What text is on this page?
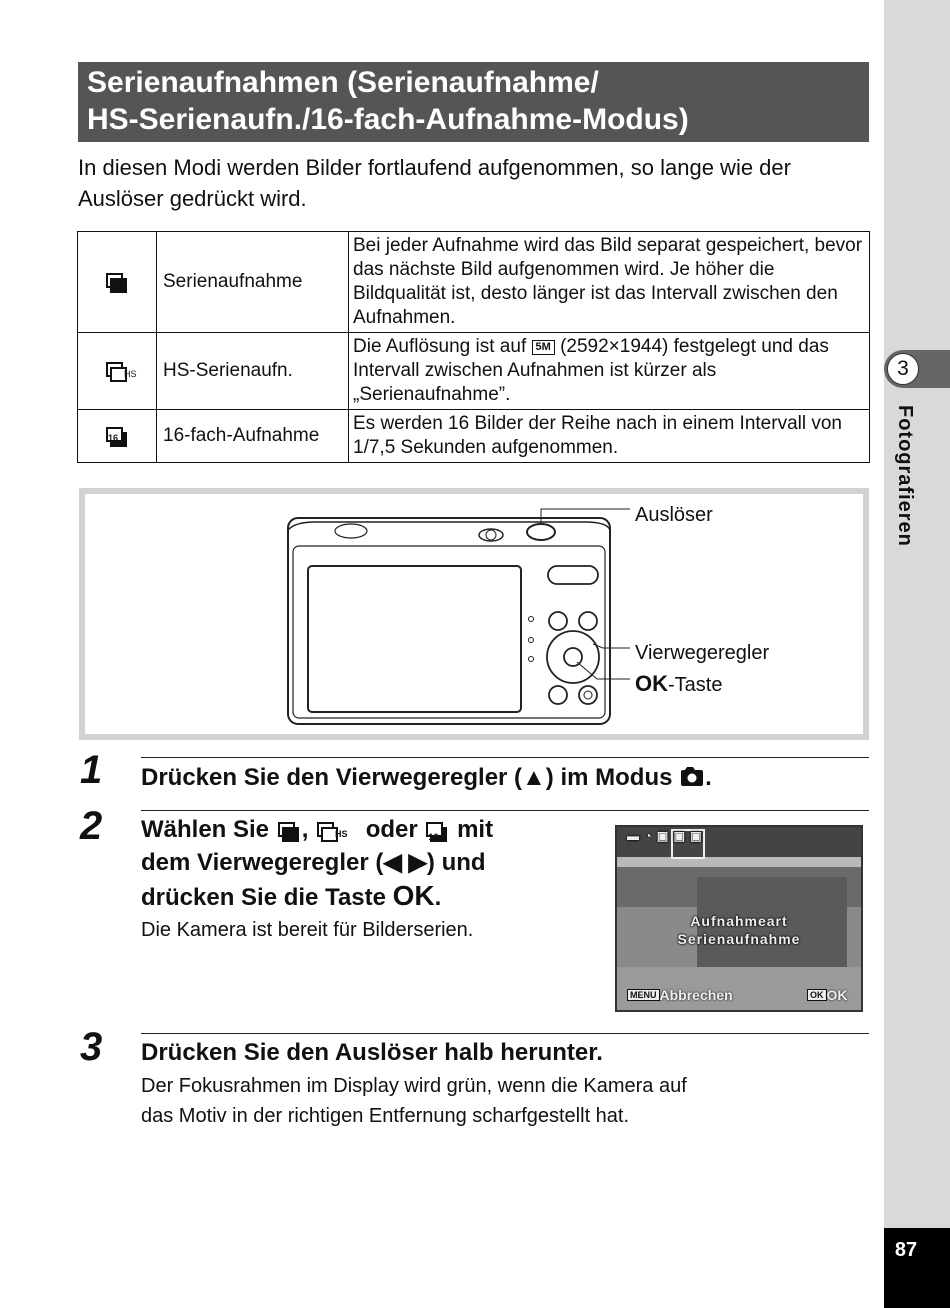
3
Fotografieren
87
Serienaufnahmen (Serienaufnahme/
HS-Serienaufn./16-fach-Aufnahme-Modus)
In diesen Modi werden Bilder fortlaufend aufgenommen, so lange wie der Auslöser gedrückt wird.
	Serienaufnahme	Bei jeder Aufnahme wird das Bild separat gespeichert, bevor das nächste Bild aufgenommen wird. Je höher die Bildqualität ist, desto länger ist das Intervall zwischen den Aufnahmen.

HS	HS-Serienaufn.	Die Auflösung ist auf 5M (2592×1944) festgelegt und das Intervall zwischen Aufnahmen ist kürzer als „Serienaufnahme”.

16	16-fach-Aufnahme	Es werden 16 Bilder der Reihe nach in einem Intervall von 1/7,5 Sekunden aufgenommen.
Auslöser
Vierwegeregler
OK-Taste
1 Drücken Sie den Vierwegeregler (▲) im Modus .
2 Wählen Sie ,	HS oder 16 mit
dem Vierwegeregler (◀ ▶) und
drücken Sie die Taste OK.
Die Kamera ist bereit für Bilderserien.
▬ ◔ ▣ ▣ ▣
Aufnahmeart
Serienaufnahme
MENU Abbrechen	OK OK
3 Drücken Sie den Auslöser halb herunter.
Der Fokusrahmen im Display wird grün, wenn die Kamera auf
das Motiv in der richtigen Entfernung scharfgestellt hat.
